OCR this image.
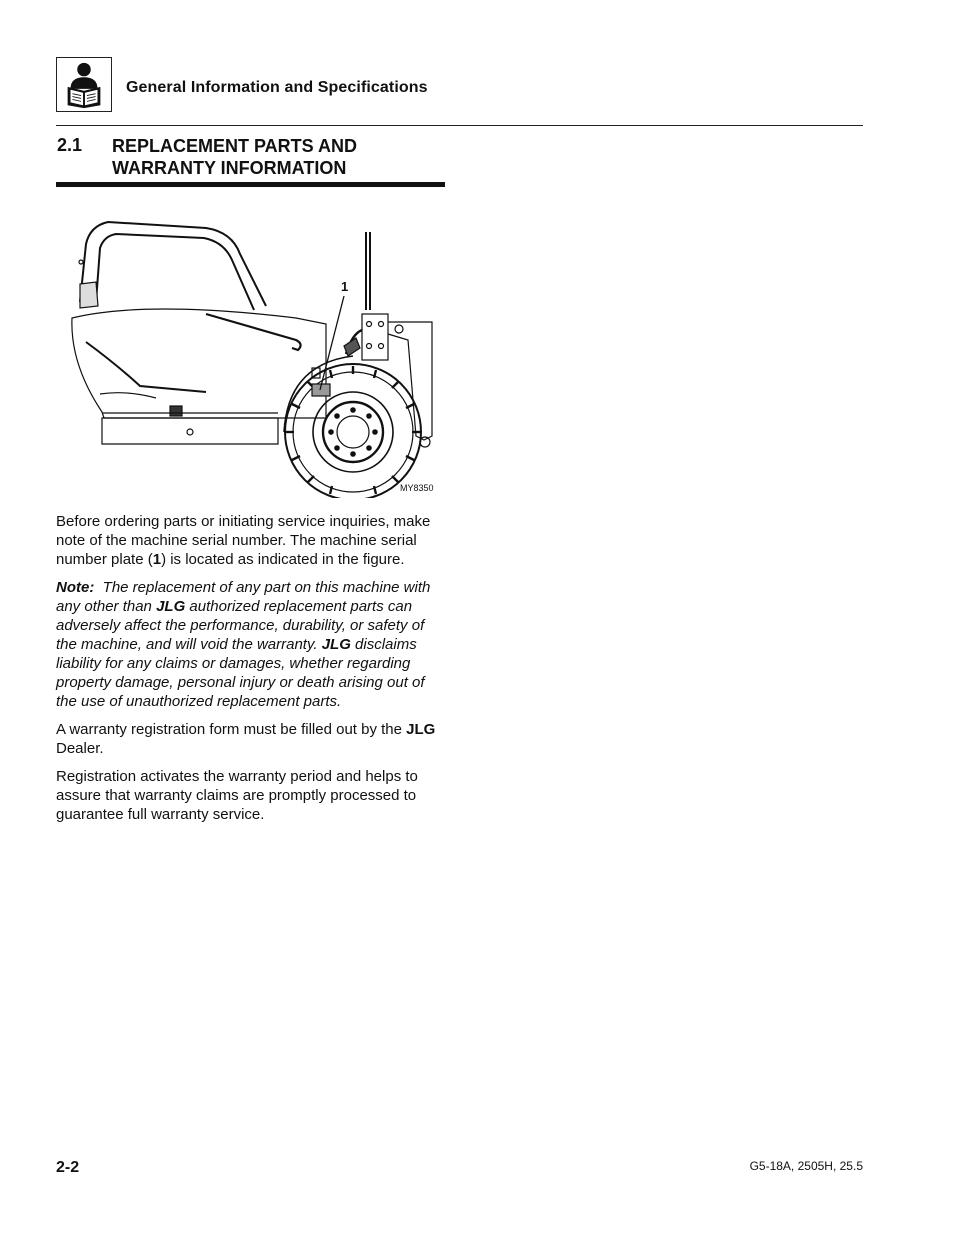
General Information and Specifications
2.1 REPLACEMENT PARTS AND WARRANTY INFORMATION
1
MY8350

Before ordering parts or initiating service inquiries, make note of the machine serial number. The machine serial number plate (1) is located as indicated in the figure.

Note: The replacement of any part on this machine with any other than JLG authorized replacement parts can adversely affect the performance, durability, or safety of the machine, and will void the warranty. JLG disclaims liability for any claims or damages, whether regarding property damage, personal injury or death arising out of the use of unauthorized replacement parts.

A warranty registration form must be filled out by the JLG Dealer.

Registration activates the warranty period and helps to assure that warranty claims are promptly processed to guarantee full warranty service.

2-2	G5-18A, 2505H, 25.5
